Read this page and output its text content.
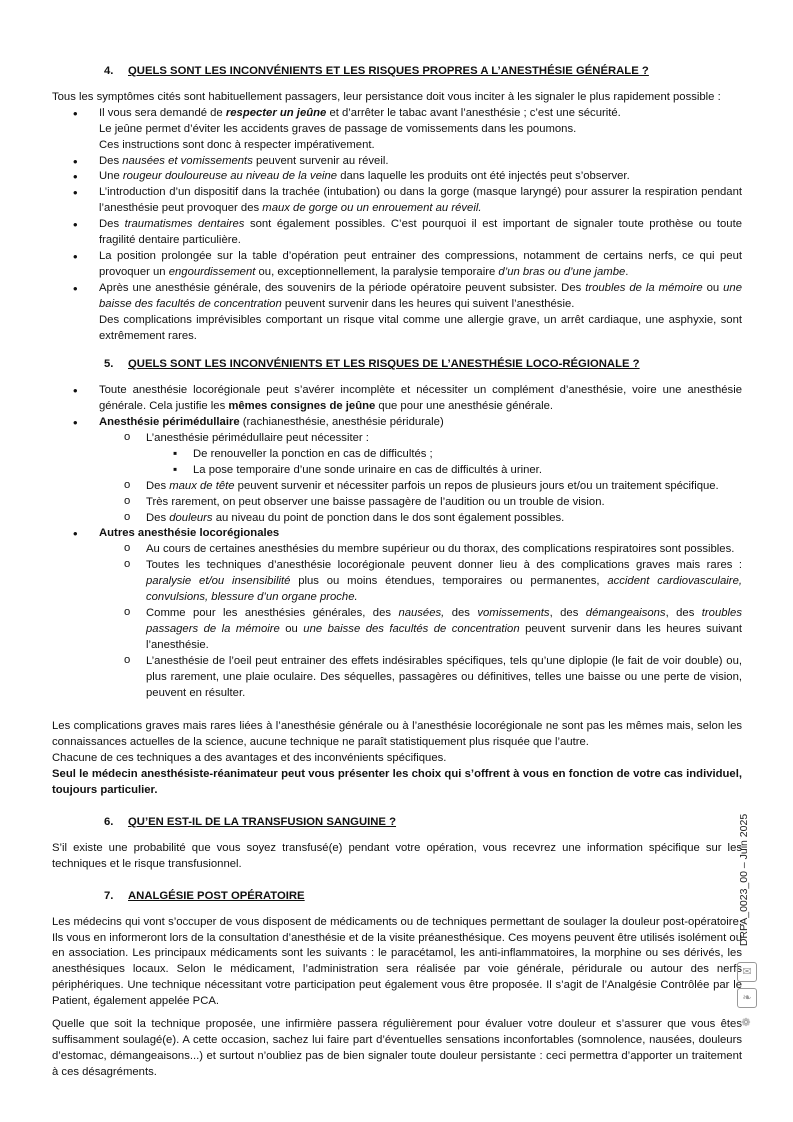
4. QUELS SONT LES INCONVÉNIENTS ET LES RISQUES PROPRES A L’ANESTHÉSIE GÉNÉRALE ?

Tous les symptômes cités sont habituellement passagers, leur persistance doit vous inciter à les signaler le plus rapidement possible :

• Il vous sera demandé de respecter un jeûne et d’arrêter le tabac avant l’anesthésie ; c’est une sécurité.
Le jeûne permet d’éviter les accidents graves de passage de vomissements dans les poumons.
Ces instructions sont donc à respecter impérativement.
• Des nausées et vomissements peuvent survenir au réveil.
• Une rougeur douloureuse au niveau de la veine dans laquelle les produits ont été injectés peut s’observer.
• L’introduction d’un dispositif dans la trachée (intubation) ou dans la gorge (masque laryngé) pour assurer la respiration pendant l’anesthésie peut provoquer des maux de gorge ou un enrouement au réveil.
• Des traumatismes dentaires sont également possibles. C’est pourquoi il est important de signaler toute prothèse ou toute fragilité dentaire particulière.
• La position prolongée sur la table d’opération peut entrainer des compressions, notamment de certains nerfs, ce qui peut provoquer un engourdissement ou, exceptionnellement, la paralysie temporaire d’un bras ou d’une jambe.
• Après une anesthésie générale, des souvenirs de la période opératoire peuvent subsister. Des troubles de la mémoire ou une baisse des facultés de concentration peuvent survenir dans les heures qui suivent l’anesthésie.
Des complications imprévisibles comportant un risque vital comme une allergie grave, un arrêt cardiaque, une asphyxie, sont extrêmement rares.
5. QUELS SONT LES INCONVÉNIENTS ET LES RISQUES DE L’ANESTHÉSIE LOCO-RÉGIONALE ?
• Toute anesthésie locorégionale peut s’avérer incomplète et nécessiter un complément d’anesthésie, voire une anesthésie générale. Cela justifie les mêmes consignes de jeûne que pour une anesthésie générale.
• Anesthésie périmédullaire (rachianesthésie, anesthésie péridurale)
o L’anesthésie périmédullaire peut nécessiter :
▪ De renouveller la ponction en cas de difficultés ;
▪ La pose temporaire d’une sonde urinaire en cas de difficultés à uriner.
o Des maux de tête peuvent survenir et nécessiter parfois un repos de plusieurs jours et/ou un traitement spécifique.
o Très rarement, on peut observer une baisse passagère de l’audition ou un trouble de vision.
o Des douleurs au niveau du point de ponction dans le dos sont également possibles.
• Autres anesthésie locorégionales
o Au cours de certaines anesthésies du membre supérieur ou du thorax, des complications respiratoires sont possibles.
o Toutes les techniques d’anesthésie locorégionale peuvent donner lieu à des complications graves mais rares : paralysie et/ou insensibilité plus ou moins étendues, temporaires ou permanentes, accident cardiovasculaire, convulsions, blessure d’un organe proche.
o Comme pour les anesthésies générales, des nausées, des vomissements, des démangeaisons, des troubles passagers de la mémoire ou une baisse des facultés de concentration peuvent survenir dans les heures suivant l’anesthésie.
o L’anesthésie de l’oeil peut entrainer des effets indésirables spécifiques, tels qu’une diplopie (le fait de voir double) ou, plus rarement, une plaie oculaire. Des séquelles, passagères ou définitives, telles une baisse ou une perte de vision, peuvent en résulter.

Les complications graves mais rares liées à l’anesthésie générale ou à l’anesthésie locorégionale ne sont pas les mêmes mais, selon les connaissances actuelles de la science, aucune technique ne paraît statistiquement plus risquée que l’autre.

Chacune de ces techniques a des avantages et des inconvénients spécifiques.

Seul le médecin anesthésiste-réanimateur peut vous présenter les choix qui s’offrent à vous en fonction de votre cas individuel, toujours particulier.

6. QU’EN EST-IL DE LA TRANSFUSION SANGUINE ?

S’il existe une probabilité que vous soyez transfusé(e) pendant votre opération, vous recevrez une information spécifique sur les techniques et le risque transfusionnel.

7. ANALGÉSIE POST OPÉRATOIRE

Les médecins qui vont s’occuper de vous disposent de médicaments ou de techniques permettant de soulager la douleur post-opératoire. Ils vous en informeront lors de la consultation d’anesthésie et de la visite préanesthésique. Ces moyens peuvent être utilisés isolément ou en association. Les principaux médicaments sont les suivants : le paracétamol, les anti-inflammatoires, la morphine ou ses dérivés, les anesthésiques locaux. Selon le médicament, l’administration sera réalisée par voie générale, péridurale ou autour des nerfs périphériques. Une technique nécessitant votre participation peut également vous être proposée. Il s’agit de l’Analgésie Contrôlée par le Patient, également appelée PCA.

Quelle que soit la technique proposée, une infirmière passera régulièrement pour évaluer votre douleur et s’assurer que vous êtes suffisamment soulagé(e). A cette occasion, sachez lui faire part d’éventuelles sensations inconfortables (somnolence, nausées, douleurs d’estomac, démangeaisons...) et surtout n’oubliez pas de bien signaler toute douleur persistante : ceci permettra d’apporter un traitement à ces désagréments.

DRPA_0023_00 – Juin 2025
✉
❧
❁
